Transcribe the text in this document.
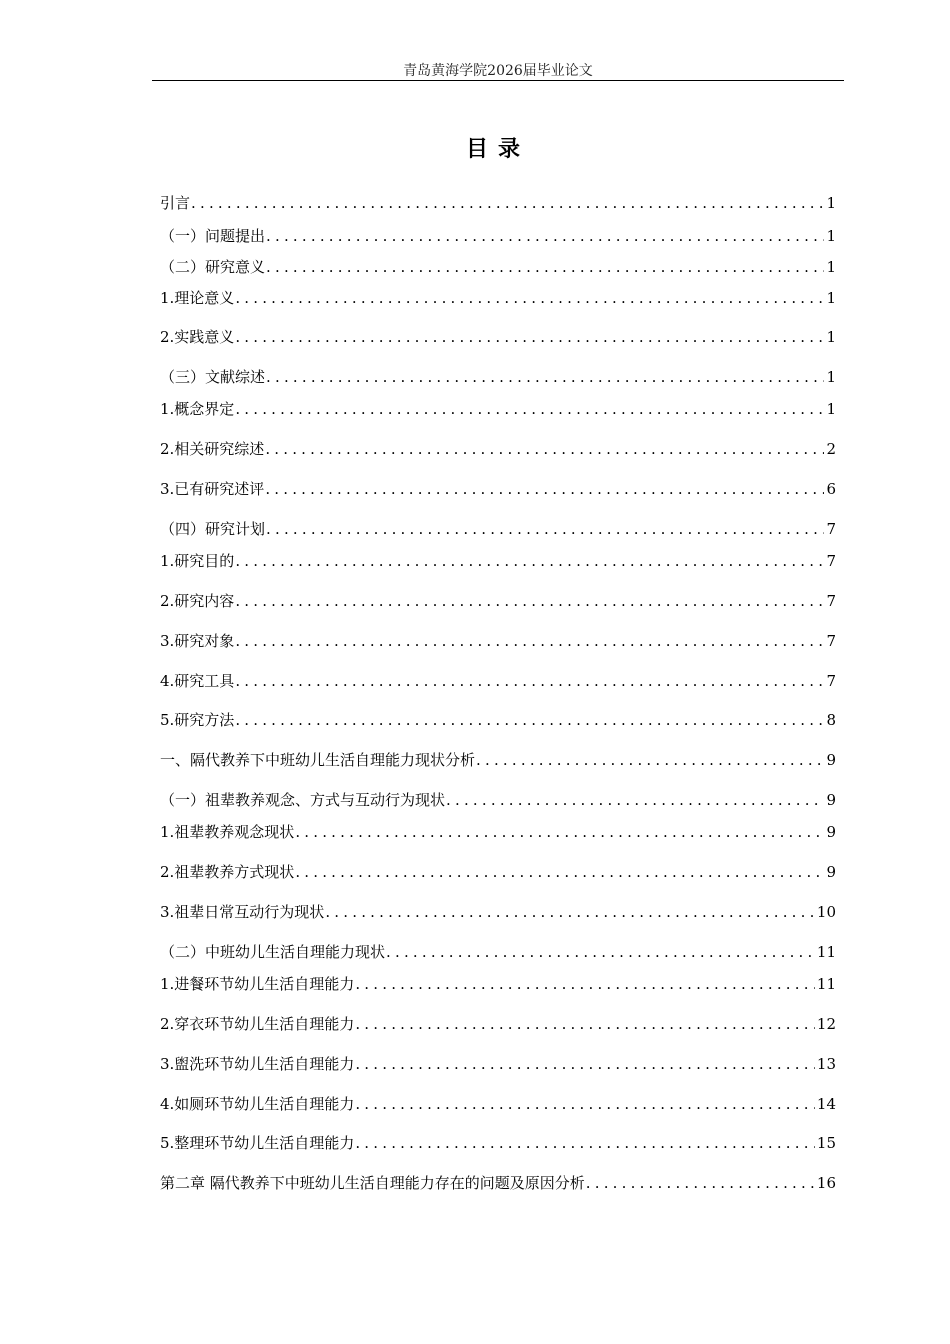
青岛黄海学院2026届毕业论文
目录
引言 .....	1
（一）问题提出 .....	1
（二）研究意义 .....	1
1.理论意义 .....	1
2.实践意义 .....	1
（三）文献综述 .....	1
1.概念界定 .....	1
2.相关研究综述 .....	2
3.已有研究述评 .....	6
（四）研究计划 .....	7
1.研究目的 .....	7
2.研究内容 .....	7
3.研究对象 .....	7
4.研究工具 .....	7
5.研究方法 .....	8
一、隔代教养下中班幼儿生活自理能力现状分析 .....	9
（一）祖辈教养观念、方式与互动行为现状 .....	9
1.祖辈教养观念现状 .....	9
2.祖辈教养方式现状 .....	9
3.祖辈日常互动行为现状 .....	10
（二）中班幼儿生活自理能力现状 .....	11
1.进餐环节幼儿生活自理能力 .....	11
2.穿衣环节幼儿生活自理能力 .....	12
3.盥洗环节幼儿生活自理能力 .....	13
4.如厕环节幼儿生活自理能力 .....	14
5.整理环节幼儿生活自理能力 .....	15
第二章 隔代教养下中班幼儿生活自理能力存在的问题及原因分析 .....	16
